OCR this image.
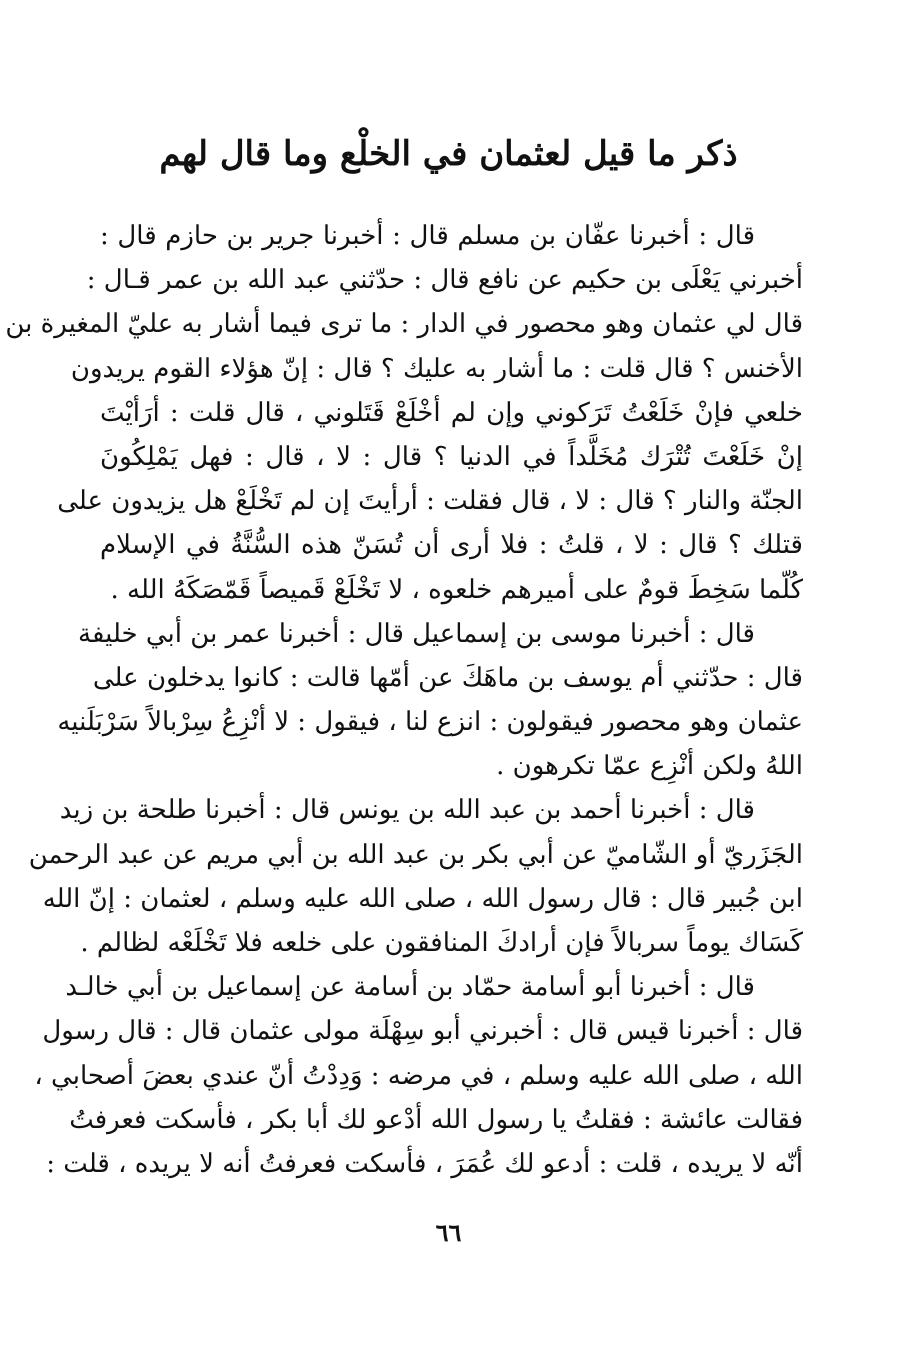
ذكر ما قيل لعثمان في الخلْع وما قال لهم
قال : أخبرنا عفّان بن مسلم قال : أخبرنا جرير بن حازم قال :
أخبرني يَعْلَى بن حكيم عن نافع قال : حدّثني عبد الله بن عمر قـال :
قال لي عثمان وهو محصور في الدار : ما ترى فيما أشار به عليّ المغيرة بن
الأخنس ؟ قال قلت : ما أشار به عليك ؟ قال : إنّ هؤلاء القوم يريدون
خلعي فإنْ خَلَعْتُ تَرَكوني وإن لم أخْلَعْ قَتَلوني ، قال قلت : أرَأيْتَ
إنْ خَلَعْتَ تُتْرَك مُخَلَّداً في الدنيا ؟ قال : لا ، قال : فهل يَمْلِكُونَ
الجنّة والنار ؟ قال : لا ، قال فقلت : أرأيتَ إن لم تَخْلَعْ هل يزيدون على
قتلك ؟ قال : لا ، قلتُ : فلا أرى أن تُسَنّ هذه السُّنَّةُ في الإسلام
كُلّما سَخِطَ قومٌ على أميرهم خلعوه ، لا تَخْلَعْ قَميصاً قَمّصَكَهُ الله .
قال : أخبرنا موسى بن إسماعيل قال : أخبرنا عمر بن أبي خليفة
قال : حدّثني أم يوسف بن ماهَكَ عن أمّها قالت : كانوا يدخلون على
عثمان وهو محصور فيقولون : انزع لنا ، فيقول : لا أنْزِعُ سِرْبالاً سَرْبَلَنيه
اللهُ ولكن أنْزِع عمّا تكرهون .
قال : أخبرنا أحمد بن عبد الله بن يونس قال : أخبرنا طلحة بن زيد
الجَزَريّ أو الشّاميّ عن أبي بكر بن عبد الله بن أبي مريم عن عبد الرحمن
ابن جُبير قال : قال رسول الله ، صلى الله عليه وسلم ، لعثمان : إنّ الله
كَسَاك يوماً سربالاً فإن أرادكَ المنافقون على خلعه فلا تَخْلَعْه لظالم .
قال : أخبرنا أبو أسامة حمّاد بن أسامة عن إسماعيل بن أبي خالـد
قال : أخبرنا قيس قال : أخبرني أبو سِهْلَة مولى عثمان قال : قال رسول
الله ، صلى الله عليه وسلم ، في مرضه : وَدِدْتُ أنّ عندي بعضَ أصحابي ،
فقالت عائشة : فقلتُ يا رسول الله أدْعو لك أبا بكر ، فأسكت فعرفتُ
أنّه لا يريده ، قلت : أدعو لك عُمَرَ ، فأسكت فعرفتُ أنه لا يريده ، قلت :
٦٦
